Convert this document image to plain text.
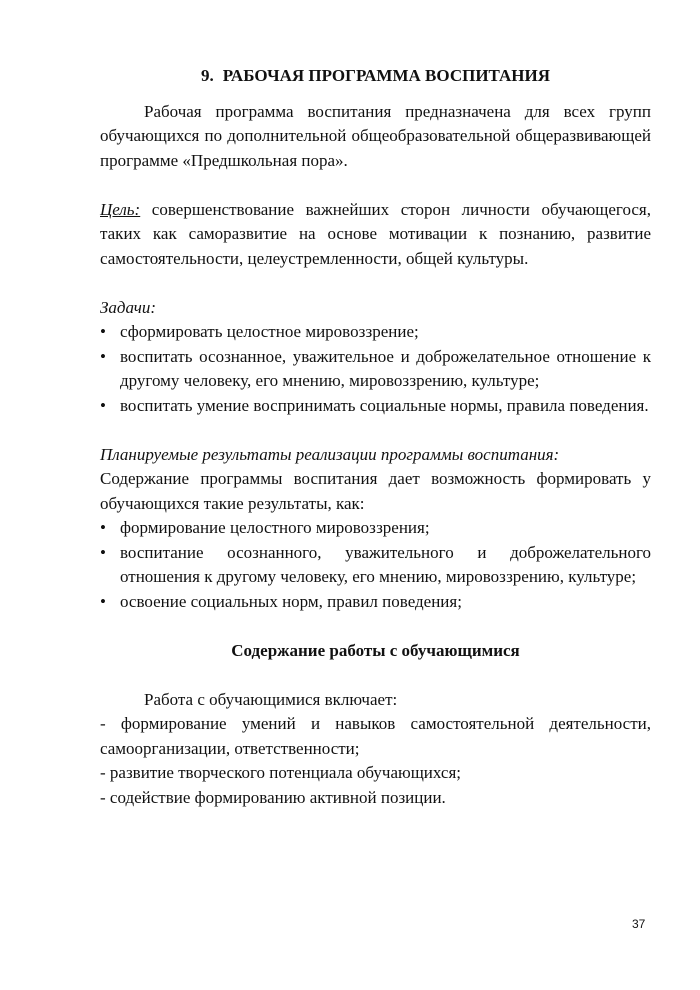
9. РАБОЧАЯ ПРОГРАММА ВОСПИТАНИЯ

Рабочая программа воспитания предназначена для всех групп обучающихся по дополнительной общеобразовательной общеразвивающей программе «Предшкольная пора».

Цель: совершенствование важнейших сторон личности обучающегося, таких как саморазвитие на основе мотивации к познанию, развитие самостоятельности, целеустремленности, общей культуры.

Задачи:

• сформировать целостное мировоззрение;
• воспитать осознанное, уважительное и доброжелательное отношение к другому человеку, его мнению, мировоззрению, культуре;
• воспитать умение воспринимать социальные нормы, правила поведения.

Планируемые результаты реализации программы воспитания:

Содержание программы воспитания дает возможность формировать у обучающихся такие результаты, как:

• формирование целостного мировоззрения;
• воспитание осознанного, уважительного и доброжелательного отношения к другому человеку, его мнению, мировоззрению, культуре;
• освоение социальных норм, правил поведения;

Содержание работы с обучающимися

Работа с обучающимися включает:

- формирование умений и навыков самостоятельной деятельности, самоорганизации, ответственности;

- развитие творческого потенциала обучающихся;

- содействие формированию активной позиции.

37
